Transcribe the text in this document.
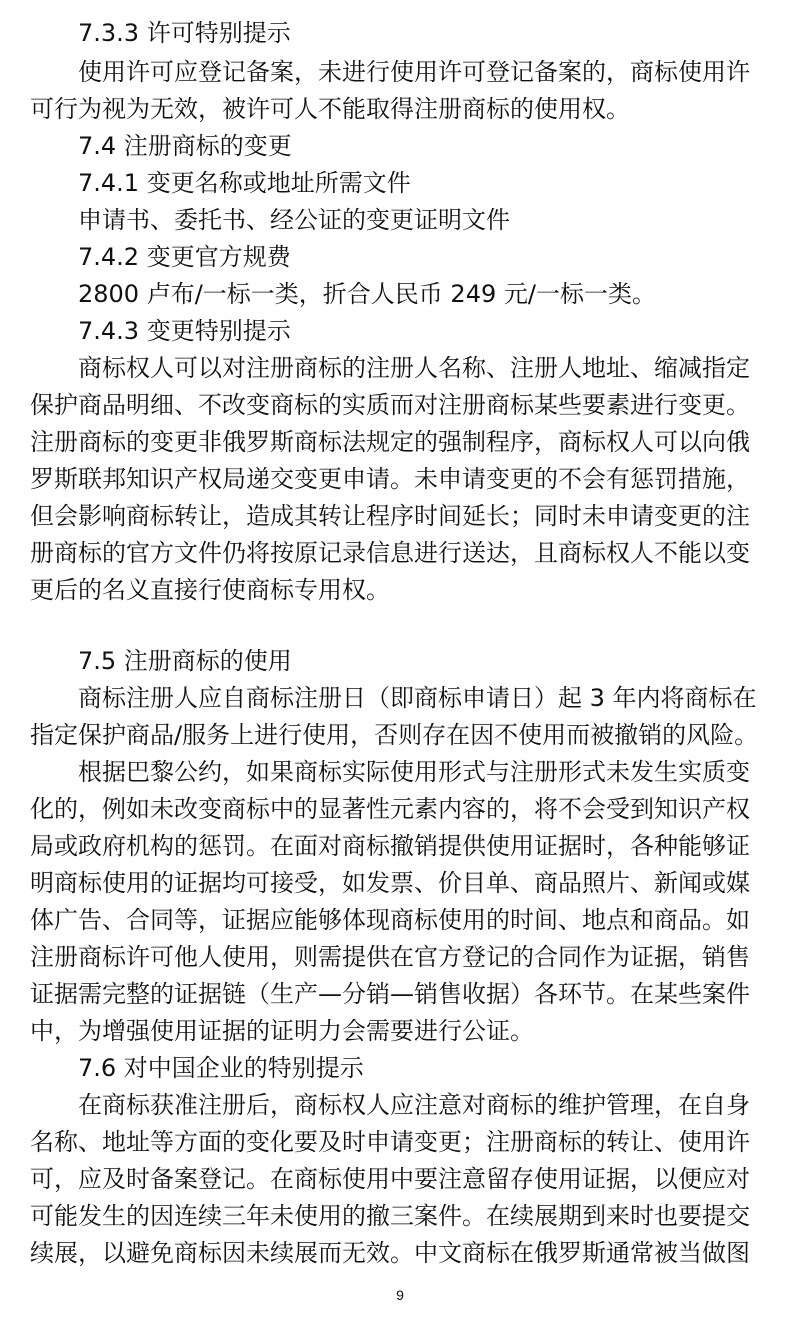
7.3.3 许可特别提示
使用许可应登记备案，未进行使用许可登记备案的，商标使用许
可行为视为无效，被许可人不能取得注册商标的使用权。
7.4 注册商标的变更
7.4.1 变更名称或地址所需文件
申请书、委托书、经公证的变更证明文件
7.4.2 变更官方规费
2800 卢布/一标一类，折合人民币 249 元/一标一类。
7.4.3 变更特别提示
商标权人可以对注册商标的注册人名称、注册人地址、缩减指定
保护商品明细、不改变商标的实质而对注册商标某些要素进行变更。
注册商标的变更非俄罗斯商标法规定的强制程序，商标权人可以向俄
罗斯联邦知识产权局递交变更申请。未申请变更的不会有惩罚措施，
但会影响商标转让，造成其转让程序时间延长；同时未申请变更的注
册商标的官方文件仍将按原记录信息进行送达，且商标权人不能以变
更后的名义直接行使商标专用权。
7.5 注册商标的使用
商标注册人应自商标注册日（即商标申请日）起 3 年内将商标在
指定保护商品/服务上进行使用，否则存在因不使用而被撤销的风险。
根据巴黎公约，如果商标实际使用形式与注册形式未发生实质变
化的，例如未改变商标中的显著性元素内容的，将不会受到知识产权
局或政府机构的惩罚。在面对商标撤销提供使用证据时，各种能够证
明商标使用的证据均可接受，如发票、价目单、商品照片、新闻或媒
体广告、合同等，证据应能够体现商标使用的时间、地点和商品。如
注册商标许可他人使用，则需提供在官方登记的合同作为证据，销售
证据需完整的证据链（生产—分销—销售收据）各环节。在某些案件
中，为增强使用证据的证明力会需要进行公证。
7.6 对中国企业的特别提示
在商标获准注册后，商标权人应注意对商标的维护管理，在自身
名称、地址等方面的变化要及时申请变更；注册商标的转让、使用许
可，应及时备案登记。在商标使用中要注意留存使用证据，以便应对
可能发生的因连续三年未使用的撤三案件。在续展期到来时也要提交
续展，以避免商标因未续展而无效。中文商标在俄罗斯通常被当做图
9
